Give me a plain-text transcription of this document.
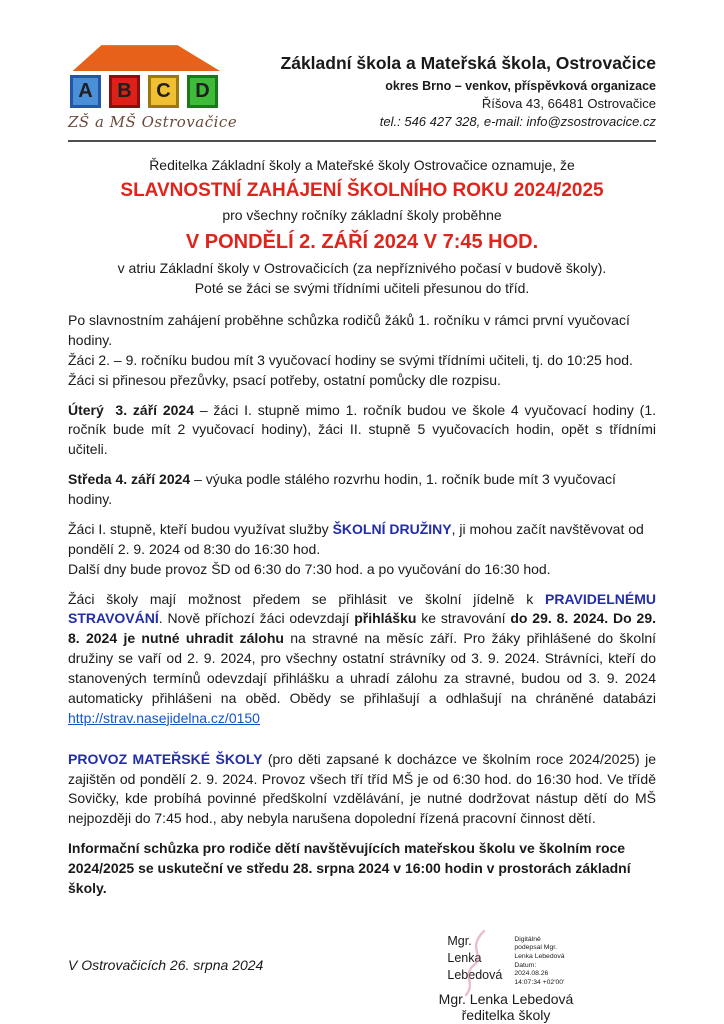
A	B	C	D
ZŠ a MŠ Ostrovačice
Základní škola a Mateřská škola, Ostrovačice
okres Brno – venkov, příspěvková organizace
Říšova 43, 66481 Ostrovačice
tel.: 546 427 328, e-mail: info@zsostrovacice.cz
Ředitelka Základní školy a Mateřské školy Ostrovačice oznamuje, že
SLAVNOSTNÍ ZAHÁJENÍ ŠKOLNÍHO ROKU 2024/2025
pro všechny ročníky základní školy proběhne
V PONDĚLÍ 2. ZÁŘÍ 2024 V 7:45 HOD.
v atriu Základní školy v Ostrovačicích (za nepříznivého počasí v budově školy).
Poté se žáci se svými třídními učiteli přesunou do tříd.

Po slavnostním zahájení proběhne schůzka rodičů žáků 1. ročníku v rámci první vyučovací hodiny.
Žáci 2. – 9. ročníku budou mít 3 vyučovací hodiny se svými třídními učiteli, tj. do 10:25 hod.
Žáci si přinesou přezůvky, psací potřeby, ostatní pomůcky dle rozpisu.

Úterý  3. září 2024 – žáci I. stupně mimo 1. ročník budou ve škole 4 vyučovací hodiny (1. ročník bude mít 2 vyučovací hodiny), žáci II. stupně 5 vyučovacích hodin, opět s třídními učiteli.

Středa 4. září 2024 – výuka podle stálého rozvrhu hodin, 1. ročník bude mít 3 vyučovací hodiny.

Žáci I. stupně, kteří budou využívat služby ŠKOLNÍ DRUŽINY, ji mohou začít navštěvovat od pondělí 2. 9. 2024 od 8:30 do 16:30 hod.
Další dny bude provoz ŠD od 6:30 do 7:30 hod. a po vyučování do 16:30 hod.

Žáci školy mají možnost předem se přihlásit ve školní jídelně k PRAVIDELNÉMU STRAVOVÁNÍ. Nově příchozí žáci odevzdají přihlášku ke stravování do 29. 8. 2024. Do 29. 8. 2024 je nutné uhradit zálohu na stravné na měsíc září. Pro žáky přihlášené do školní družiny se vaří od 2. 9. 2024, pro všechny ostatní strávníky od 3. 9. 2024. Strávníci, kteří do stanovených termínů odevzdají přihlášku a uhradí zálohu za stravné, budou od 3. 9. 2024 automaticky přihlášeni na oběd. Obědy se přihlašují a odhlašují na chráněné databázi http://strav.nasejidelna.cz/0150

PROVOZ MATEŘSKÉ ŠKOLY (pro děti zapsané k docházce ve školním roce 2024/2025) je zajištěn od pondělí 2. 9. 2024. Provoz všech tří tříd MŠ je od 6:30 hod. do 16:30 hod. Ve třídě Sovičky, kde probíhá povinné předškolní vzdělávání, je nutné dodržovat nástup dětí do MŠ nejpozději do 7:45 hod., aby nebyla narušena dopolední řízená pracovní činnost dětí.

Informační schůzka pro rodiče dětí navštěvujících mateřskou školu ve školním roce 2024/2025 se uskuteční ve středu 28. srpna 2024 v 16:00 hodin v prostorách základní školy.

V Ostrovačicích 26. srpna 2024
Mgr.
Lenka
Lebedová
Digitálně
podepsal Mgr.
Lenka Lebedová
Datum:
2024.08.26
14:07:34 +02'00'
Mgr. Lenka Lebedová
ředitelka školy
